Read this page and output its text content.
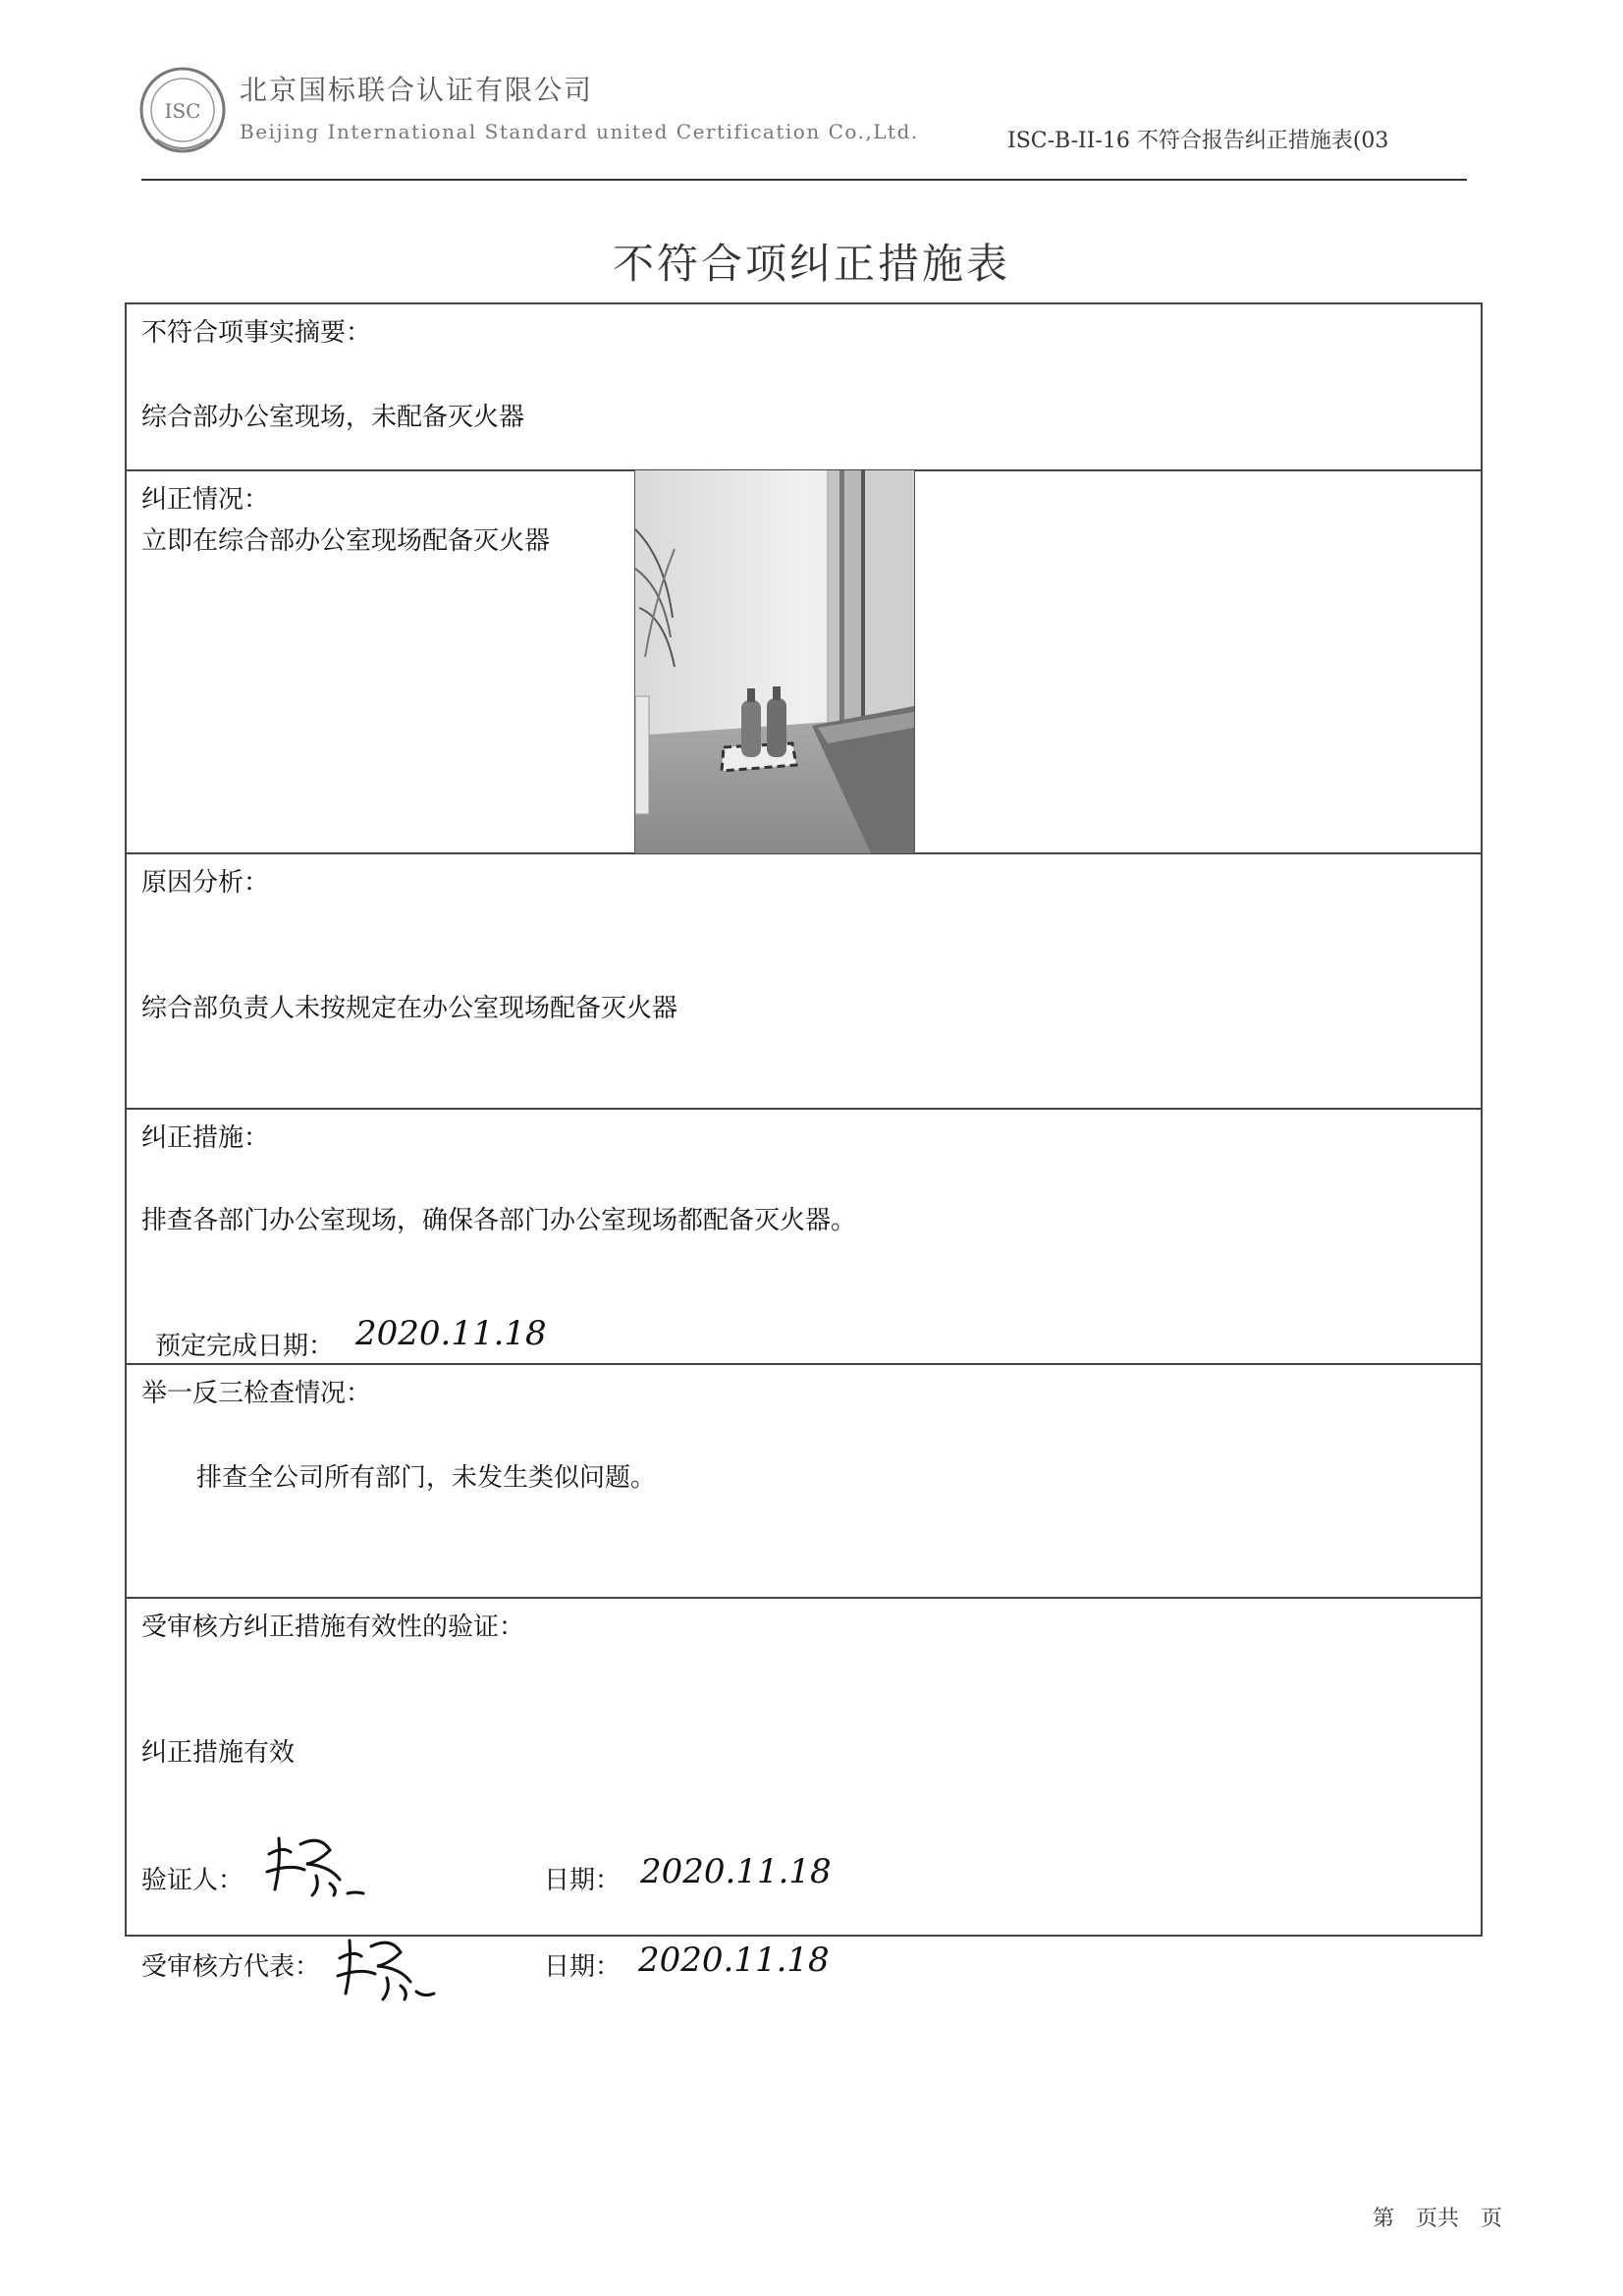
ISC
北京国标联合认证有限公司
Beijing International Standard united Certification Co.,Ltd.	ISC-B-II-16 不符合报告纠正措施表(03
不符合项纠正措施表
不符合项事实摘要：
综合部办公室现场，未配备灭火器
纠正情况：
立即在综合部办公室现场配备灭火器
原因分析：
综合部负责人未按规定在办公室现场配备灭火器
纠正措施：
排查各部门办公室现场，确保各部门办公室现场都配备灭火器。
预定完成日期： 2020.11.18
举一反三检查情况：
排查全公司所有部门，未发生类似问题。
受审核方纠正措施有效性的验证：
纠正措施有效
验证人：	日期： 2020.11.18
受审核方代表：	日期： 2020.11.18
第　页共　页
